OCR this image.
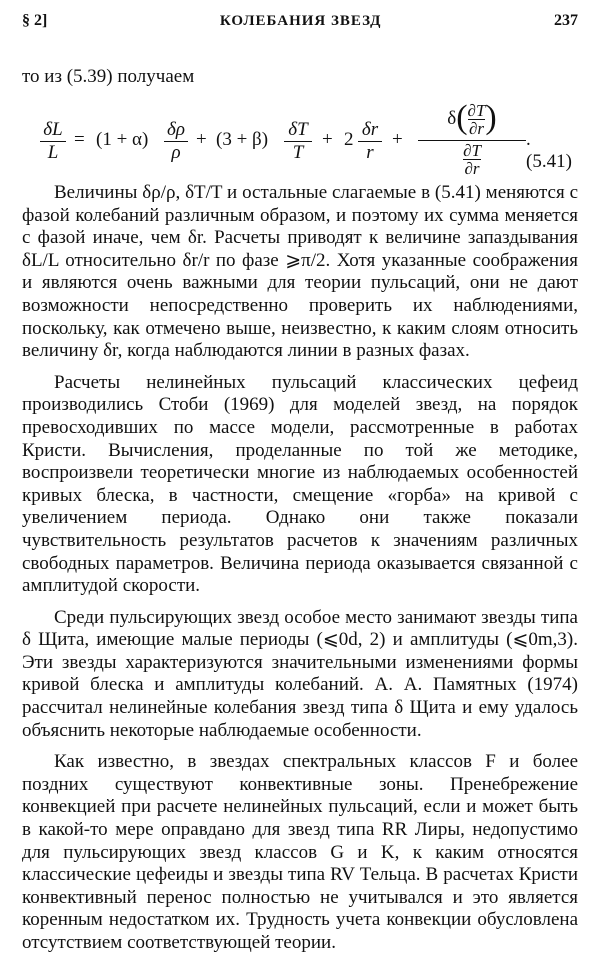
§ 2]	КОЛЕБАНИЯ ЗВЕЗД	237
то из (5.39) получаем
δL
L
= (1 + α) δρ
ρ
+ (3 + β) δT
T
+ 2 δr
r
+
$\delta( \frac{\partial T}{\partial r}$ )
$\frac{\partial T}{\partial r}$
. (5.41)

Величины δρ/ρ, δT/T и остальные слагаемые в (5.41) меняются с фазой колебаний различным образом, и поэтому их сумма меняется с фазой иначе, чем δr. Расчеты приводят к величине запаздывания δL/L относительно δr/r по фазе ⩾π/2. Хотя указанные соображения и являются очень важными для теории пульсаций, они не дают возможности непосредственно проверить их наблюдениями, поскольку, как отмечено выше, неизвестно, к каким слоям относить величину δr, когда наблюдаются линии в разных фазах.

Расчеты нелинейных пульсаций классических цефеид производились Стоби (1969) для моделей звезд, на порядок превосходивших по массе модели, рассмотренные в работах Кристи. Вычисления, проделанные по той же методике, воспроизвели теоретически многие из наблюдаемых особенностей кривых блеска, в частности, смещение «горба» на кривой с увеличением периода. Однако они также показали чувствительность результатов расчетов к значениям различных свободных параметров. Величина периода оказывается связанной с амплитудой скорости.

Среди пульсирующих звезд особое место занимают звезды типа δ Щита, имеющие малые периоды (⩽0d, 2) и амплитуды (⩽0m,3). Эти звезды характеризуются значительными изменениями формы кривой блеска и амплитуды колебаний. А. А. Памятных (1974) рассчитал нелинейные колебания звезд типа δ Щита и ему удалось объяснить некоторые наблюдаемые особенности.

Как известно, в звездах спектральных классов F и более поздних существуют конвективные зоны. Пренебрежение конвекцией при расчете нелинейных пульсаций, если и может быть в какой-то мере оправдано для звезд типа RR Лиры, недопустимо для пульсирующих звезд классов G и K, к каким относятся классические цефеиды и звезды типа RV Тельца. В расчетах Кристи конвективный перенос полностью не учитывался и это является коренным недостатком их. Трудность учета конвекции обусловлена отсутствием соответствующей теории.
